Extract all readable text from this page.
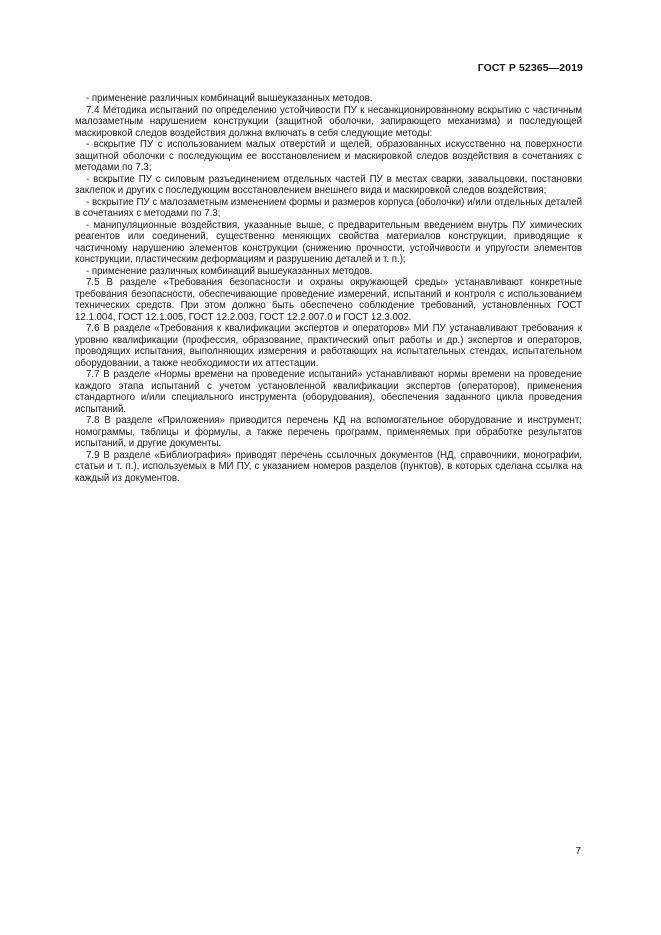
ГОСТ Р 52365—2019

- применение различных комбинаций вышеуказанных методов.

7.4 Методика испытаний по определению устойчивости ПУ к несанкционированному вскрытию с частичным малозаметным нарушением конструкции (защитной оболочки, запирающего механизма) и последующей маскировкой следов воздействия должна включать в себя следующие методы:

- вскрытие ПУ с использованием малых отверстий и щелей, образованных искусственно на поверхности защитной оболочки с последующим ее восстановлением и маскировкой следов воздействия в сочетаниях с методами по 7.3;

- вскрытие ПУ с силовым разъединением отдельных частей ПУ в местах сварки, завальцовки, постановки заклепок и других с последующим восстановлением внешнего вида и маскировкой следов воздействия;

- вскрытие ПУ с малозаметным изменением формы и размеров корпуса (оболочки) и/или отдельных деталей в сочетаниях с методами по 7.3;

- манипуляционные воздействия, указанные выше, с предварительным введением внутрь ПУ химических реагентов или соединений, существенно меняющих свойства материалов конструкции, приводящие к частичному нарушению элементов конструкции (снижению прочности, устойчивости и упругости элементов конструкции, пластическим деформациям и разрушению деталей и т. п.);

- применение различных комбинаций вышеуказанных методов.

7.5 В разделе «Требования безопасности и охраны окружающей среды» устанавливают конкретные требования безопасности, обеспечивающие проведение измерений, испытаний и контроля с использованием технических средств. При этом должно быть обеспечено соблюдение требований, установленных ГОСТ 12.1.004, ГОСТ 12.1.005, ГОСТ 12.2.003, ГОСТ 12.2.007.0 и ГОСТ 12.3.002.

7.6 В разделе «Требования к квалификации экспертов и операторов» МИ ПУ устанавливают требования к уровню квалификации (профессия, образование, практический опыт работы и др.) экспертов и операторов, проводящих испытания, выполняющих измерения и работающих на испытательных стендах, испытательном оборудовании, а также необходимости их аттестации.

7.7 В разделе «Нормы времени на проведение испытаний» устанавливают нормы времени на проведение каждого этапа испытаний с учетом установленной квалификации экспертов (операторов), применения стандартного и/или специального инструмента (оборудования), обеспечения заданного цикла проведения испытаний.

7.8 В разделе «Приложения» приводится перечень КД на вспомогательное оборудование и инструмент; номограммы, таблицы и формулы, а также перечень программ, применяемых при обработке результатов испытаний, и другие документы.

7.9 В разделе «Библиография» приводят перечень ссылочных документов (НД, справочники, монографии, статьи и т. п.), используемых в МИ ПУ, с указанием номеров разделов (пунктов), в которых сделана ссылка на каждый из документов.

7
